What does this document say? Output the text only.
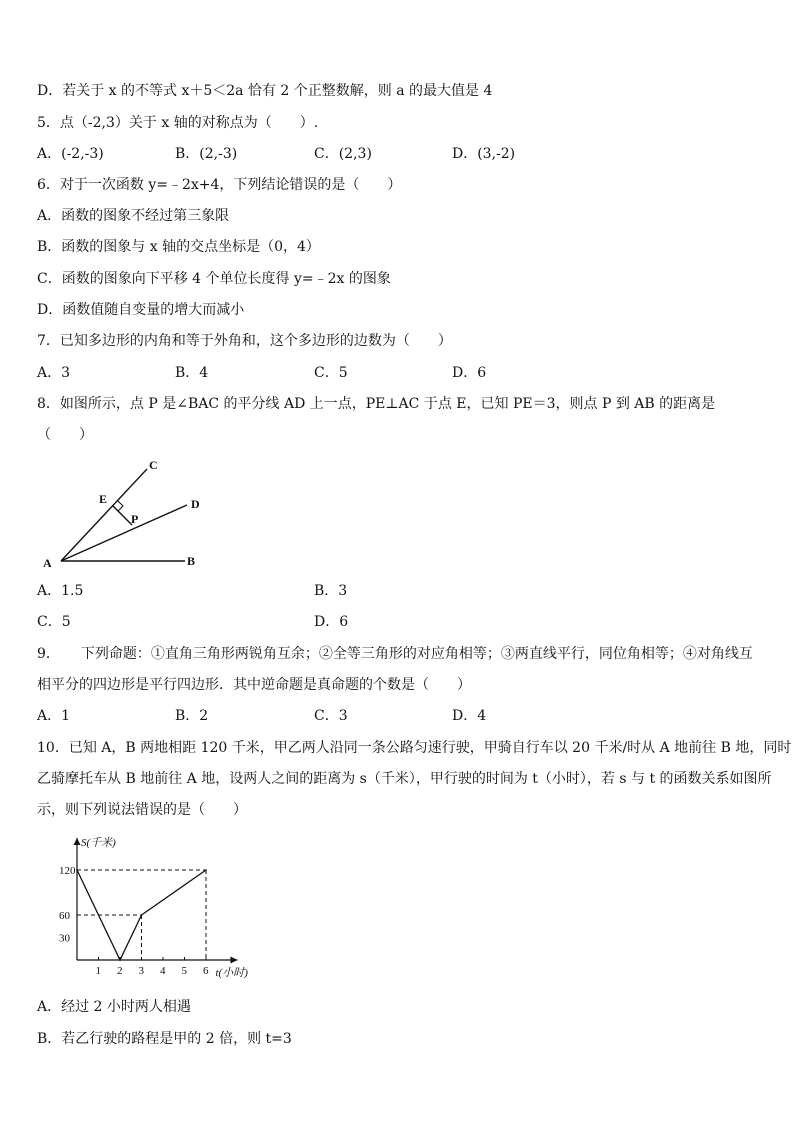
D．若关于 x 的不等式 x＋5＜2a 恰有 2 个正整数解，则 a 的最大值是 4
5．点（-2,3）关于 x 轴的对称点为（　　）.
A．(-2,-3)	B．(2,-3)	C．(2,3)	D．(3,-2)
6．对于一次函数 y=﹣2x+4，下列结论错误的是（　　）
A．函数的图象不经过第三象限
B．函数的图象与 x 轴的交点坐标是（0，4）
C．函数的图象向下平移 4 个单位长度得 y=﹣2x 的图象
D．函数值随自变量的增大而减小
7．已知多边形的内角和等于外角和，这个多边形的边数为（　　）
A．3	B．4	C．5	D．6
8．如图所示，点 P 是∠BAC 的平分线 AD 上一点，PE⊥AC 于点 E，已知 PE＝3，则点 P 到 AB 的距离是
（　　）
A	B
C
D
E
P
A．1.5	B．3
C．5	D．6
9．　　下列命题：①直角三角形两锐角互余；②全等三角形的对应角相等；③两直线平行，同位角相等；④对角线互
相平分的四边形是平行四边形．其中逆命题是真命题的个数是（　　）
A．1	B．2	C．3	D．4
10．已知 A，B 两地相距 120 千米，甲乙两人沿同一条公路匀速行驶，甲骑自行车以 20 千米/时从 A 地前往 B 地，同时
乙骑摩托车从 B 地前往 A 地，设两人之间的距离为 s（千米），甲行驶的时间为 t（小时），若 s 与 t 的函数关系如图所
示，则下列说法错误的是（　　）
1 2 3 4 5 6
30
60
120
S(千米)
t(小时)
A．经过 2 小时两人相遇
B．若乙行驶的路程是甲的 2 倍，则 t=3
